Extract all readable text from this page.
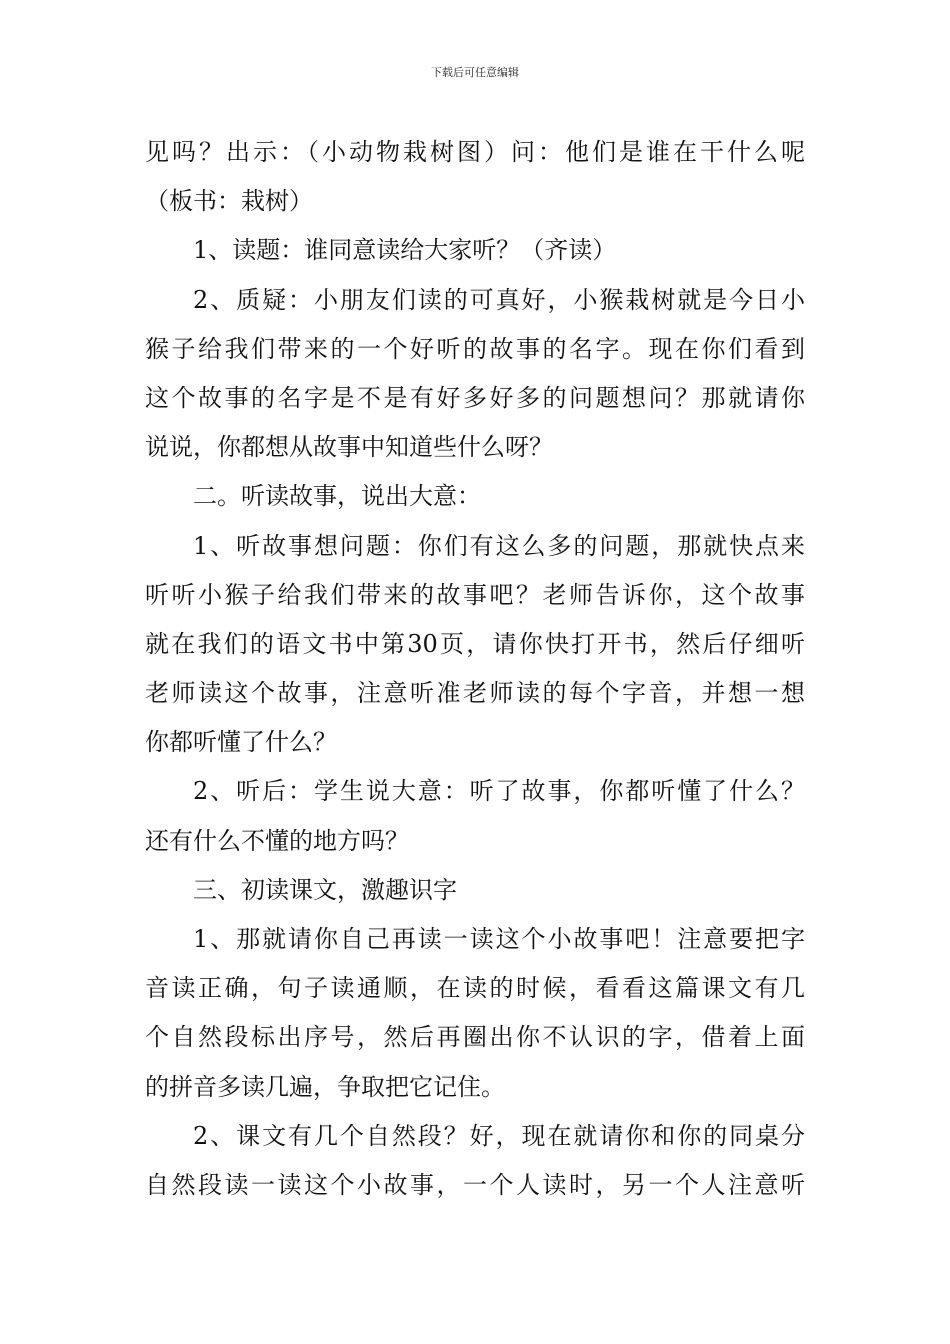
下载后可任意编辑
见吗？出示：（小动物栽树图）问：他们是谁在干什么呢
（板书：栽树）
1、读题：谁同意读给大家听？（齐读）
2、质疑：小朋友们读的可真好，小猴栽树就是今日小
猴子给我们带来的一个好听的故事的名字。现在你们看到
这个故事的名字是不是有好多好多的问题想问？那就请你
说说，你都想从故事中知道些什么呀？
二。听读故事，说出大意：
1、听故事想问题：你们有这么多的问题，那就快点来
听听小猴子给我们带来的故事吧？老师告诉你，这个故事
就在我们的语文书中第30页，请你快打开书，然后仔细听
老师读这个故事，注意听准老师读的每个字音，并想一想
你都听懂了什么？
2、听后：学生说大意：听了故事，你都听懂了什么？
还有什么不懂的地方吗？
三、初读课文，激趣识字
1、那就请你自己再读一读这个小故事吧！注意要把字
音读正确，句子读通顺，在读的时候，看看这篇课文有几
个自然段标出序号，然后再圈出你不认识的字，借着上面
的拼音多读几遍，争取把它记住。
2、课文有几个自然段？好，现在就请你和你的同桌分
自然段读一读这个小故事，一个人读时，另一个人注意听
